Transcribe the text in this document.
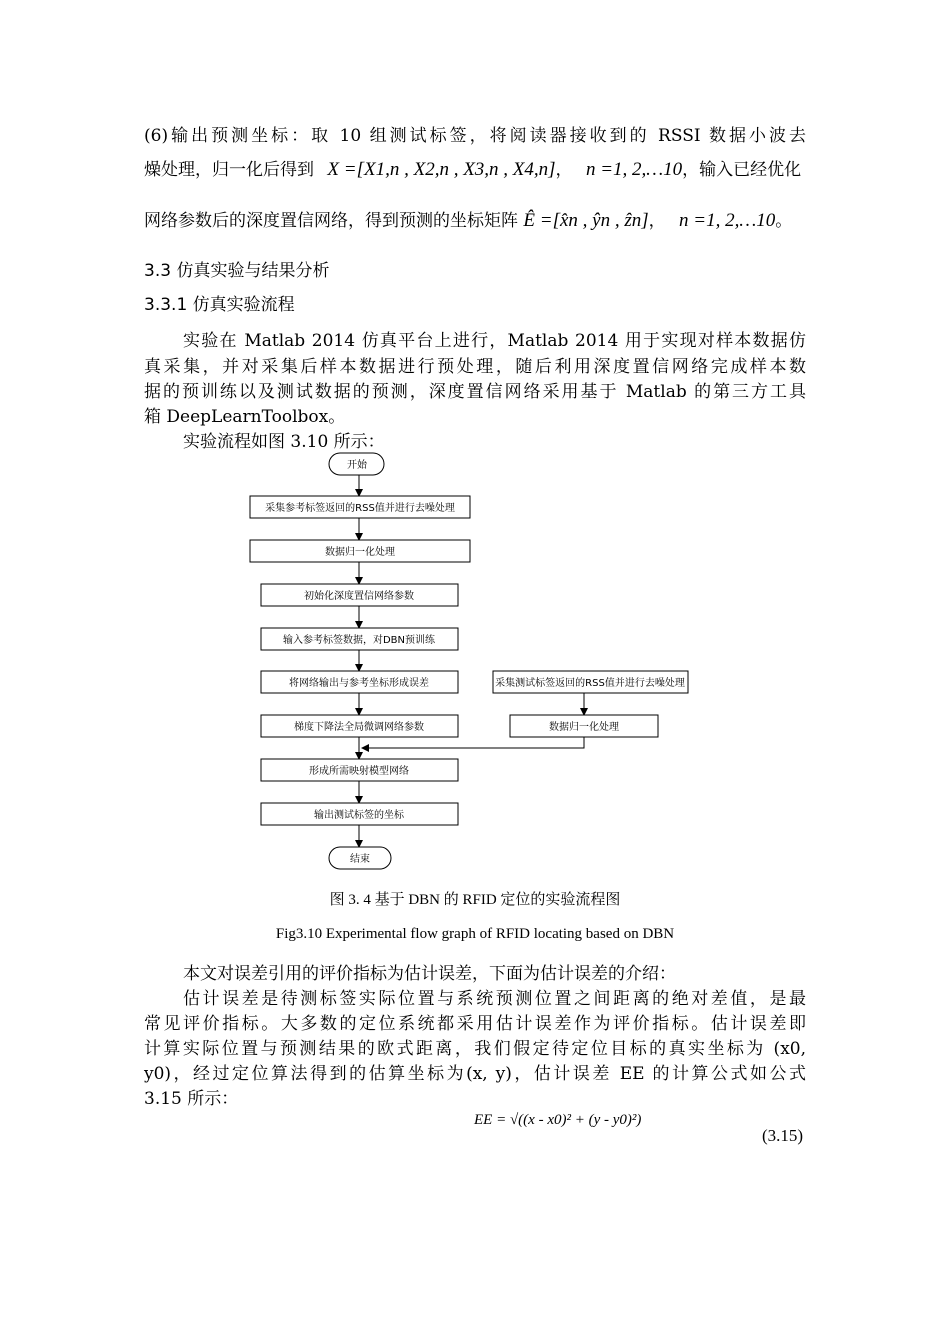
(6)输出预测坐标：取 10 组测试标签，将阅读器接收到的 RSSI 数据小波去
燥处理，归一化后得到 X =[X1,n , X2,n , X3,n , X4,n]， n =1, 2,…10，输入已经优化
网络参数后的深度置信网络，得到预测的坐标矩阵 Ê =[x̂n , ŷn , ẑn]， n =1, 2,…10。
3.3 仿真实验与结果分析
3.3.1 仿真实验流程
实验在 Matlab 2014 仿真平台上进行，Matlab 2014 用于实现对样本数据仿
真采集，并对采集后样本数据进行预处理，随后利用深度置信网络完成样本数
据的预训练以及测试数据的预测，深度置信网络采用基于 Matlab 的第三方工具
箱 DeepLearnToolbox。
实验流程如图 3.10 所示：
开始
采集参考标签返回的RSS值并进行去噪处理
数据归一化处理
初始化深度置信网络参数
输入参考标签数据，对DBN预训练
将网络输出与参考坐标形成误差
梯度下降法全局微调网络参数
形成所需映射模型网络
输出测试标签的坐标
结束
采集测试标签返回的RSS值并进行去噪处理
数据归一化处理
图 3. 4 基于 DBN 的 RFID 定位的实验流程图
Fig3.10 Experimental flow graph of RFID locating based on DBN
本文对误差引用的评价指标为估计误差，下面为估计误差的介绍：
估计误差是待测标签实际位置与系统预测位置之间距离的绝对差值，是最
常见评价指标。大多数的定位系统都采用估计误差作为评价指标。估计误差即
计算实际位置与预测结果的欧式距离，我们假定待定位目标的真实坐标为 (x0,
y0)，经过定位算法得到的估算坐标为(x, y)，估计误差 EE 的计算公式如公式
3.15 所示：
EE = √((x - x0)² + (y - y0)²)
(3.15)
